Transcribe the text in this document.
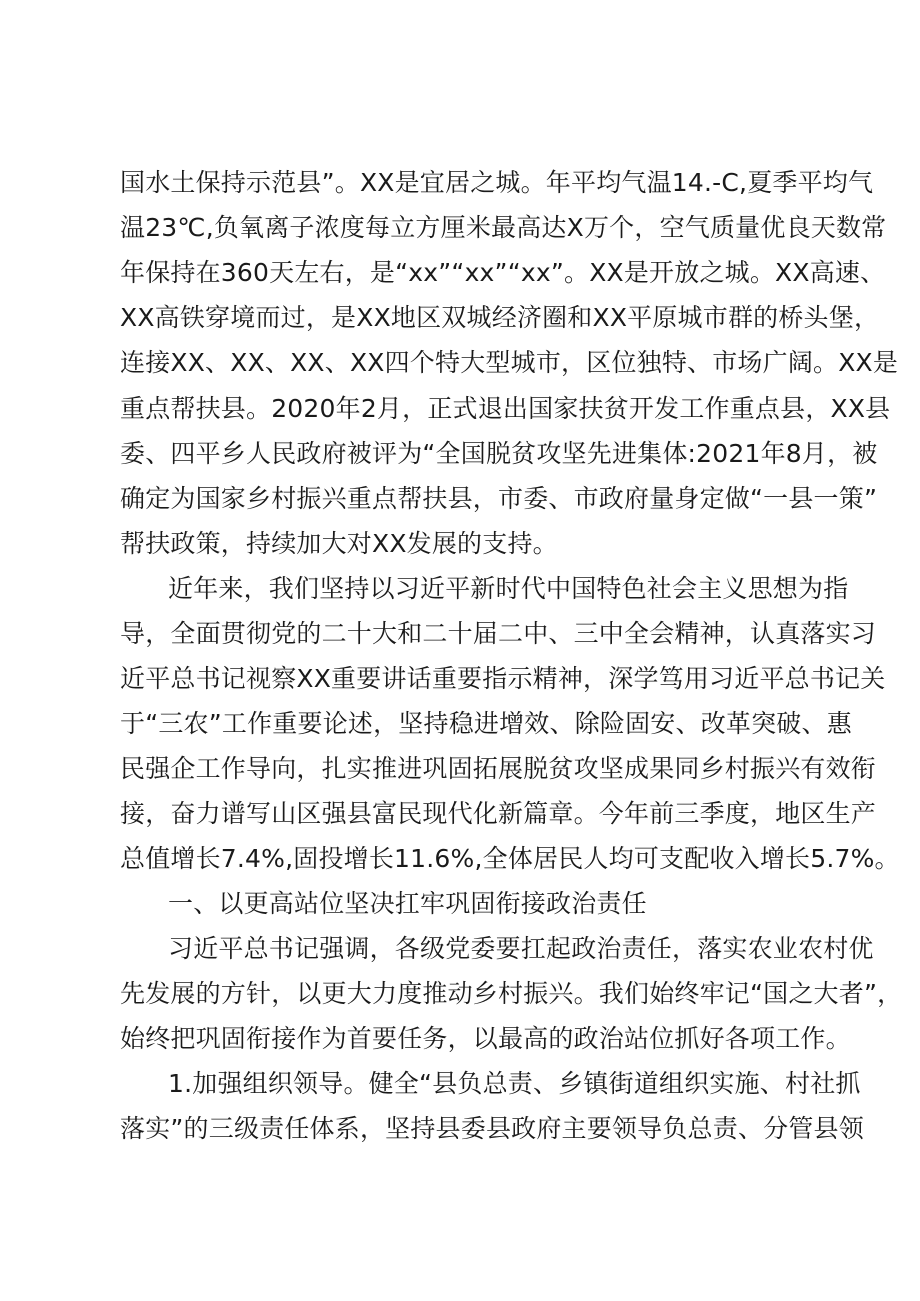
国水土保持示范县”。XX是宜居之城。年平均气温14.-C,夏季平均气
温23℃,负氧离子浓度每立方厘米最高达X万个，空气质量优良天数常
年保持在360天左右，是“xx”“xx”“xx”。XX是开放之城。XX高速、
XX高铁穿境而过，是XX地区双城经济圈和XX平原城市群的桥头堡，
连接XX、XX、XX、XX四个特大型城市，区位独特、市场广阔。XX是
重点帮扶县。2020年2月，正式退出国家扶贫开发工作重点县，XX县
委、四平乡人民政府被评为“全国脱贫攻坚先进集体:2021年8月，被
确定为国家乡村振兴重点帮扶县，市委、市政府量身定做“一县一策”
帮扶政策，持续加大对XX发展的支持。
近年来，我们坚持以习近平新时代中国特色社会主义思想为指
导，全面贯彻党的二十大和二十届二中、三中全会精神，认真落实习
近平总书记视察XX重要讲话重要指示精神，深学笃用习近平总书记关
于“三农”工作重要论述，坚持稳进增效、除险固安、改革突破、惠
民强企工作导向，扎实推进巩固拓展脱贫攻坚成果同乡村振兴有效衔
接，奋力谱写山区强县富民现代化新篇章。今年前三季度，地区生产
总值增长7.4%,固投增长11.6%,全体居民人均可支配收入增长5.7%。
一、以更高站位坚决扛牢巩固衔接政治责任
习近平总书记强调，各级党委要扛起政治责任，落实农业农村优
先发展的方针，以更大力度推动乡村振兴。我们始终牢记“国之大者”，
始终把巩固衔接作为首要任务，以最高的政治站位抓好各项工作。
1.加强组织领导。健全“县负总责、乡镇街道组织实施、村社抓
落实”的三级责任体系，坚持县委县政府主要领导负总责、分管县领
